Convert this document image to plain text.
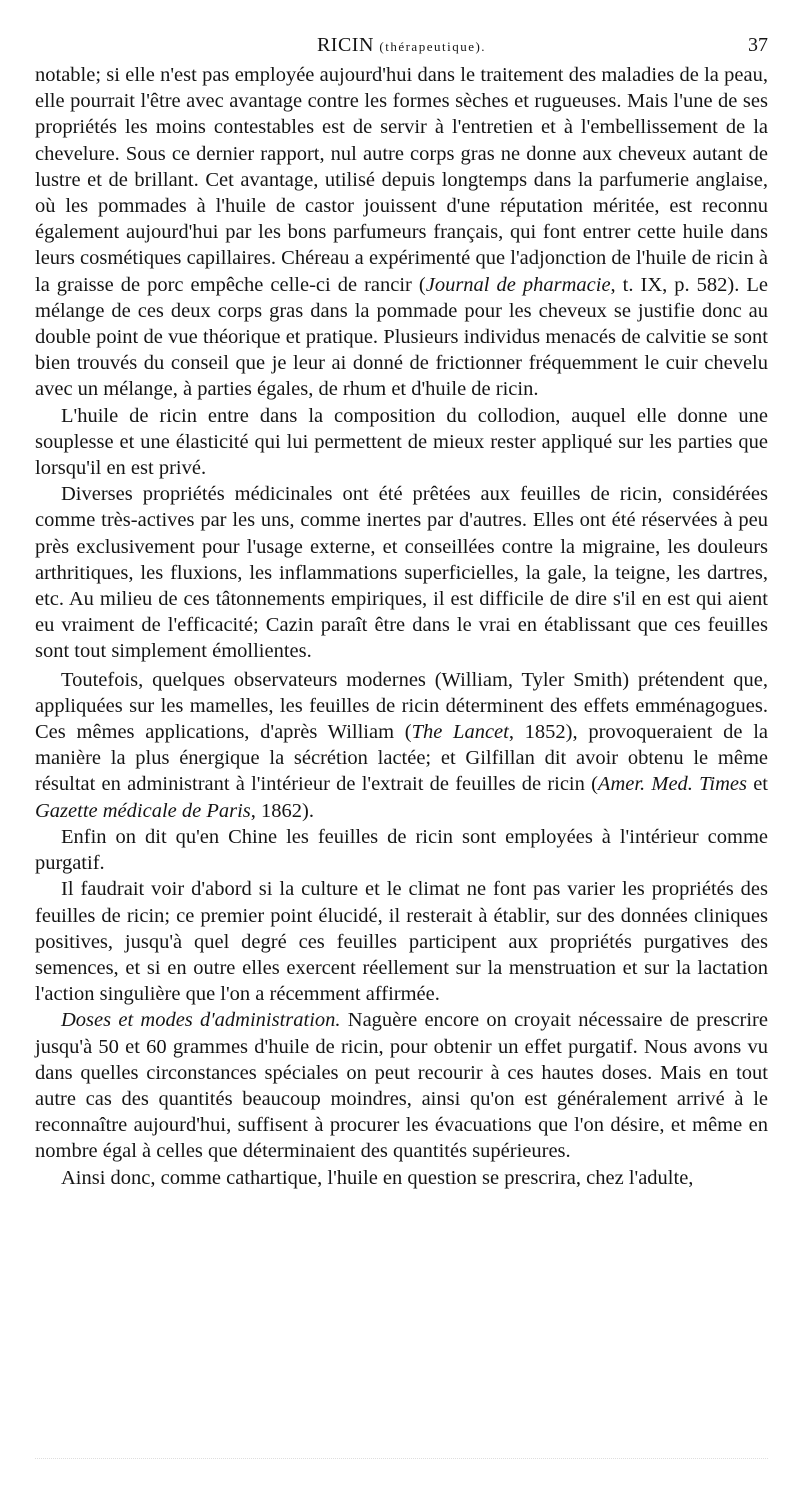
RICIN (thérapeutique).	37

notable; si elle n'est pas employée aujourd'hui dans le traitement des maladies de la peau, elle pourrait l'être avec avantage contre les formes sèches et rugueuses. Mais l'une de ses propriétés les moins contestables est de servir à l'entretien et à l'embellissement de la chevelure. Sous ce dernier rapport, nul autre corps gras ne donne aux cheveux autant de lustre et de brillant. Cet avantage, utilisé depuis longtemps dans la parfumerie anglaise, où les pommades à l'huile de castor jouissent d'une réputation méritée, est reconnu également aujourd'hui par les bons parfumeurs français, qui font entrer cette huile dans leurs cosmétiques capillaires. Chéreau a expérimenté que l'adjonction de l'huile de ricin à la graisse de porc empêche celle-ci de rancir (Journal de pharmacie, t. IX, p. 582). Le mélange de ces deux corps gras dans la pommade pour les cheveux se justifie donc au double point de vue théorique et pratique. Plusieurs individus menacés de calvitie se sont bien trouvés du conseil que je leur ai donné de frictionner fréquemment le cuir chevelu avec un mélange, à parties égales, de rhum et d'huile de ricin.

L'huile de ricin entre dans la composition du collodion, auquel elle donne une souplesse et une élasticité qui lui permettent de mieux rester appliqué sur les parties que lorsqu'il en est privé.

Diverses propriétés médicinales ont été prêtées aux feuilles de ricin, considérées comme très-actives par les uns, comme inertes par d'autres. Elles ont été réservées à peu près exclusivement pour l'usage externe, et conseillées contre la migraine, les douleurs arthritiques, les fluxions, les inflammations superficielles, la gale, la teigne, les dartres, etc. Au milieu de ces tâtonnements empiriques, il est difficile de dire s'il en est qui aient eu vraiment de l'efficacité; Cazin paraît être dans le vrai en établissant que ces feuilles sont tout simplement émollientes.

Toutefois, quelques observateurs modernes (William, Tyler Smith) prétendent que, appliquées sur les mamelles, les feuilles de ricin déterminent des effets emménagogues. Ces mêmes applications, d'après William (The Lancet, 1852), provoqueraient de la manière la plus énergique la sécrétion lactée; et Gilfillan dit avoir obtenu le même résultat en administrant à l'intérieur de l'extrait de feuilles de ricin (Amer. Med. Times et Gazette médicale de Paris, 1862).

Enfin on dit qu'en Chine les feuilles de ricin sont employées à l'intérieur comme purgatif.

Il faudrait voir d'abord si la culture et le climat ne font pas varier les propriétés des feuilles de ricin; ce premier point élucidé, il resterait à établir, sur des données cliniques positives, jusqu'à quel degré ces feuilles participent aux propriétés purgatives des semences, et si en outre elles exercent réellement sur la menstruation et sur la lactation l'action singulière que l'on a récemment affirmée.

Doses et modes d'administration. Naguère encore on croyait nécessaire de prescrire jusqu'à 50 et 60 grammes d'huile de ricin, pour obtenir un effet purgatif. Nous avons vu dans quelles circonstances spéciales on peut recourir à ces hautes doses. Mais en tout autre cas des quantités beaucoup moindres, ainsi qu'on est généralement arrivé à le reconnaître aujourd'hui, suffisent à procurer les évacuations que l'on désire, et même en nombre égal à celles que déterminaient des quantités supérieures.

Ainsi donc, comme cathartique, l'huile en question se prescrira, chez l'adulte,
